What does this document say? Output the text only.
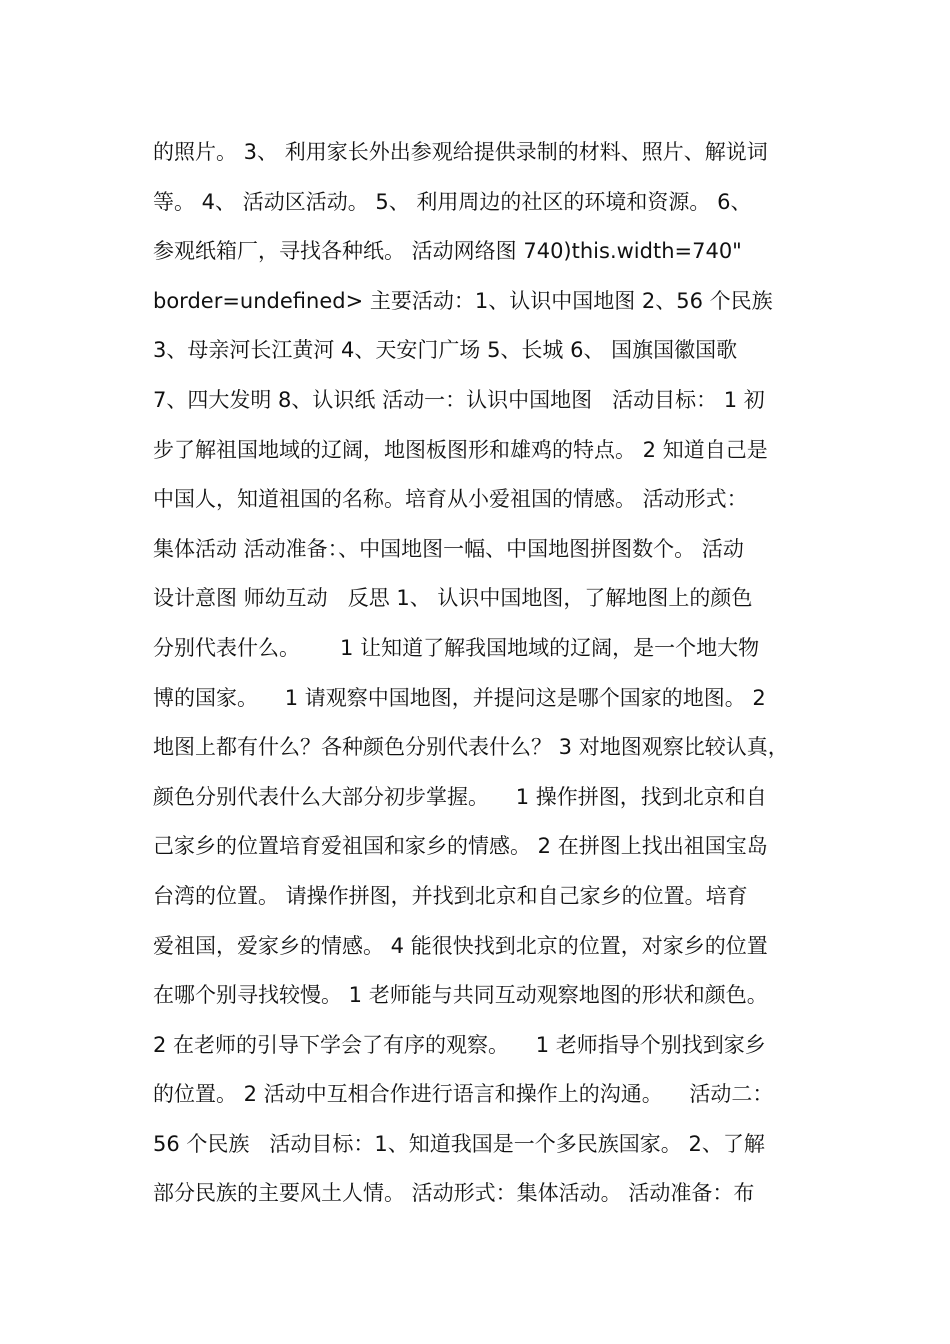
的照片。 3、 利用家长外出参观给提供录制的材料、照片、解说词
等。 4、 活动区活动。 5、 利用周边的社区的环境和资源。 6、
参观纸箱厂，寻找各种纸。 活动网络图 740)this.width=740"
border=undefined> 主要活动：1、认识中国地图 2、56 个民族
3、母亲河长江黄河 4、天安门广场 5、长城 6、 国旗国徽国歌
7、四大发明 8、认识纸 活动一：认识中国地图   活动目标： 1 初
步了解祖国地域的辽阔，地图板图形和雄鸡的特点。 2 知道自己是
中国人，知道祖国的名称。培育从小爱祖国的情感。 活动形式：
集体活动 活动准备：、中国地图一幅、中国地图拼图数个。 活动
设计意图 师幼互动   反思 1、 认识中国地图，了解地图上的颜色
分别代表什么。      1 让知道了解我国地域的辽阔，是一个地大物
博的国家。    1 请观察中国地图，并提问这是哪个国家的地图。 2
地图上都有什么？各种颜色分别代表什么？ 3 对地图观察比较认真，
颜色分别代表什么大部分初步掌握。    1 操作拼图，找到北京和自
己家乡的位置培育爱祖国和家乡的情感。 2 在拼图上找出祖国宝岛
台湾的位置。 请操作拼图，并找到北京和自己家乡的位置。培育
爱祖国，爱家乡的情感。 4 能很快找到北京的位置，对家乡的位置
在哪个别寻找较慢。 1 老师能与共同互动观察地图的形状和颜色。
2 在老师的引导下学会了有序的观察。    1 老师指导个别找到家乡
的位置。 2 活动中互相合作进行语言和操作上的沟通。    活动二：
56 个民族   活动目标：1、知道我国是一个多民族国家。 2、了解
部分民族的主要风土人情。 活动形式：集体活动。 活动准备：布
